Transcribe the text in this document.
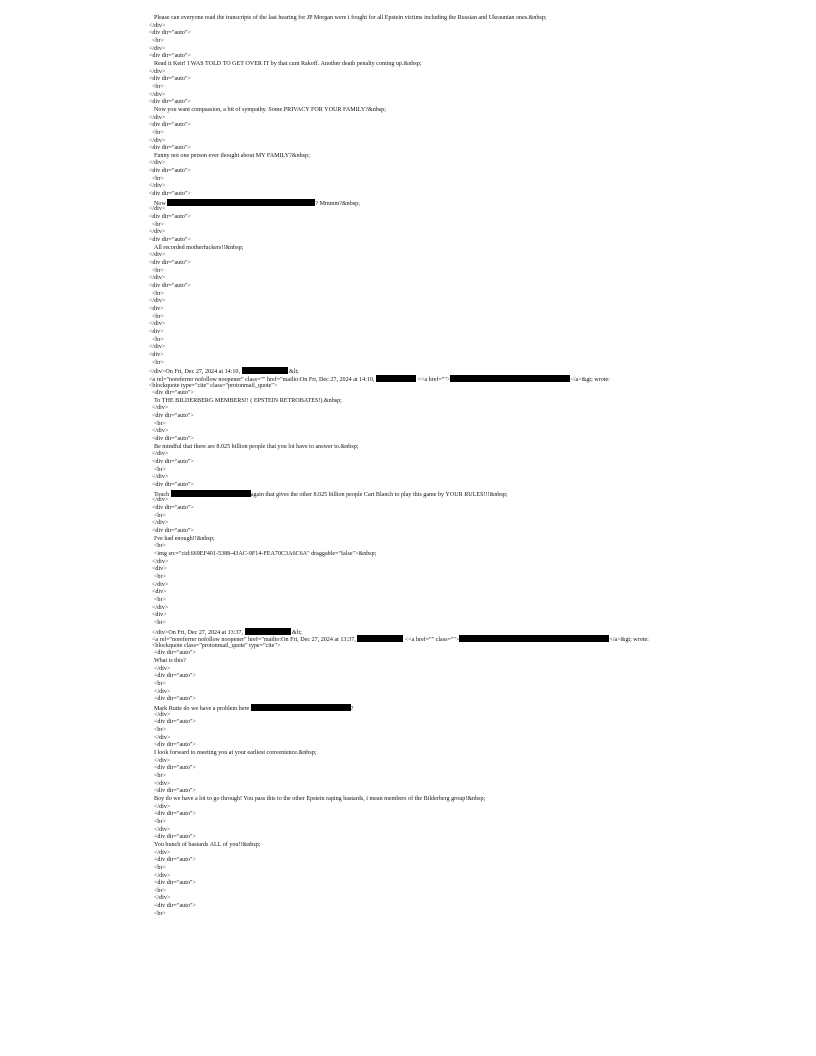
Please can everyone read the transcripts of the last hearing for JP Morgan were i fought for all Epstein victims including the Russian and Ukraunian ones.&nbsp;
</div>
<div dir="auto">
<br>
</div>
<div dir="auto">
Read it Keir! I WAS TOLD TO GET OVER IT by that cunt Rakoff. Another death penalty coming up.&nbsp;
</div>
<div dir="auto">
<br>
</div>
<div dir="auto">
Now you want compassion, a bit of sympathy. Some PRIVACY FOR YOUR FAMILY?&nbsp;
</div>
<div dir="auto">
<br>
</div>
<div dir="auto">
Funny not one person ever thought about MY FAMILY?&nbsp;
</div>
<div dir="auto">
<br>
</div>
<div dir="auto">
Now	? Mmmm?&nbsp;
</div>
<div dir="auto">
<br>
</div>
<div dir="auto">
All recorded motherfuckers!!&nbsp;
</div>
<div dir="auto">
<br>
</div>
<div dir="auto">
<br>
</div>
<div>
<br>
</div>
<div>
<br>
</div>
<div>
<br>
</div>On Fri, Dec 27, 2024 at 14:10,	&lt;
<a rel="noreferrer nofollow noopener" class="" href="mailto:On Fri, Dec 27, 2024 at 14:10,	<<a href="">	</a>&gt; wrote:
<blockquote type="cite" class="protonmail_quote">
<div dir="auto">
To THE BILDERBERG MEMBERS!! ( EPSTEIN RETROBATES!).&nbsp;
</div>
<div dir="auto">
<br>
</div>
<div dir="auto">
Be mindful that there are 8.025 billion people that you lot have to answer to.&nbsp;
</div>
<div dir="auto">
<br>
</div>
<div dir="auto">
Touch	again that gives the other 8.025 billion people Cart Blanch to play this game by YOUR RULES!!!&nbsp;
</div>
<div dir="auto">
<br>
</div>
<div dir="auto">
I've had enough!!&nbsp;
<br>
<img src="cid:669EF401-5388-43AC-9F14-FEA70C3A6C6A" draggable="false">&nbsp;
</div>
<div>
<br>
</div>
<div>
<br>
</div>
<div>
<br>
</div>On Fri, Dec 27, 2024 at 13:37,	&lt;
<a rel="noreferrer nofollow noopener" href="mailto:On Fri, Dec 27, 2024 at 13:37,	<<a href="" class="">	</a>&gt; wrote:
<blockquote class="protonmail_quote" type="cite">
<div dir="auto">
What is this?
</div>
<div dir="auto">
<br>
</div>
<div dir="auto">
Mark Rutte do we have a problem here	?
</div>
<div dir="auto">
<br>
</div>
<div dir="auto">
I look forward to meeting you at your earliest convenience.&nbsp;
</div>
<div dir="auto">
<br>
</div>
<div dir="auto">
Boy do we have a lot to go through! You pass this to the other Epstein raping bastards, i mean members of the Bilderberg group!&nbsp;
</div>
<div dir="auto">
<br>
</div>
<div dir="auto">
You bunch of bastards ALL of you!!&nbsp;
</div>
<div dir="auto">
<br>
</div>
<div dir="auto">
<br>
</div>
<div dir="auto">
<br>
